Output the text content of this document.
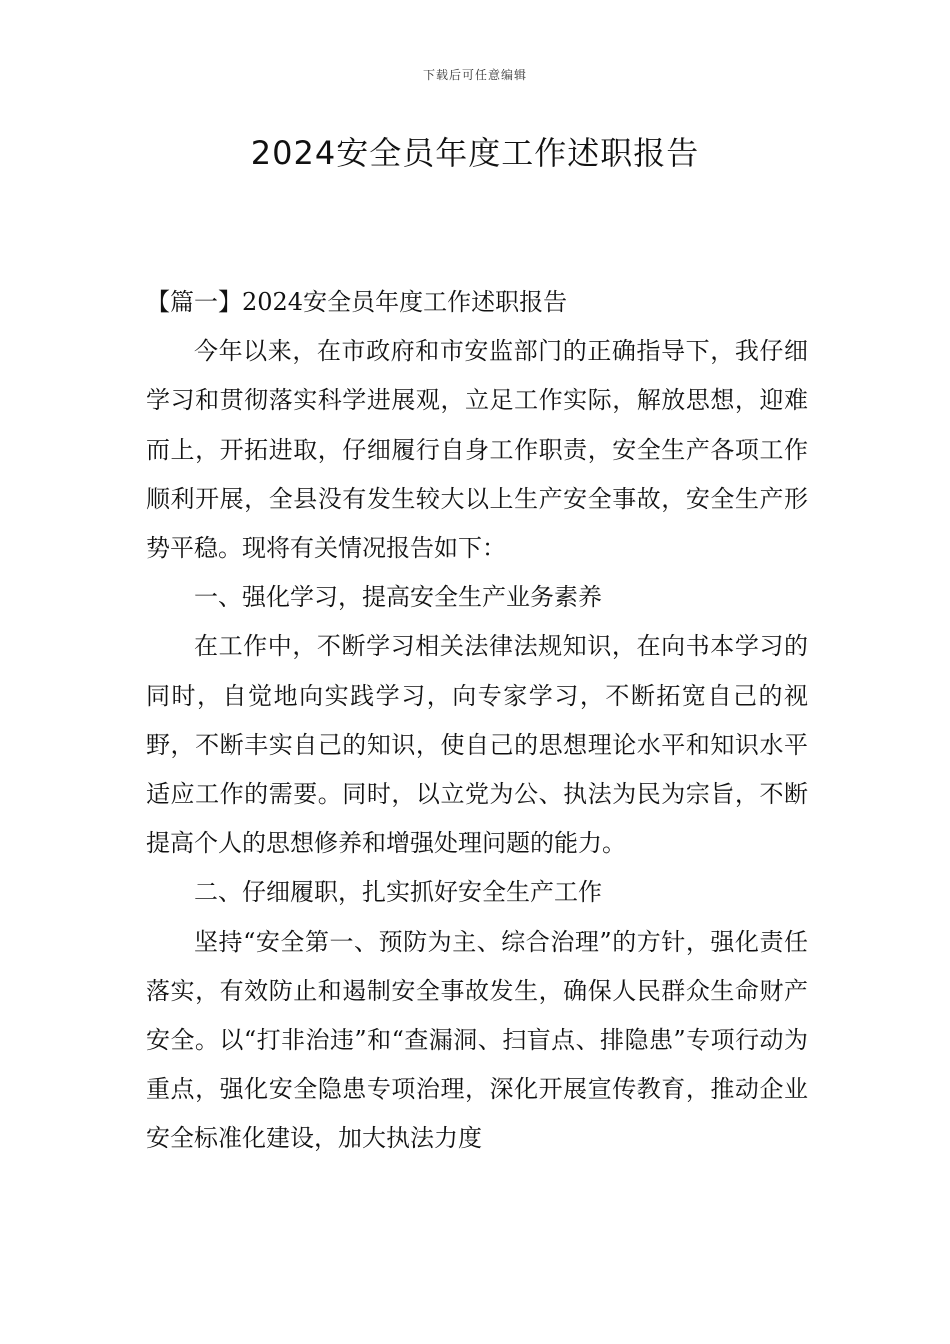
下载后可任意编辑
2024安全员年度工作述职报告

【篇一】2024安全员年度工作述职报告

今年以来，在市政府和市安监部门的正确指导下，我仔细学习和贯彻落实科学进展观，立足工作实际，解放思想，迎难而上，开拓进取，仔细履行自身工作职责，安全生产各项工作顺利开展，全县没有发生较大以上生产安全事故，安全生产形势平稳。现将有关情况报告如下：

一、强化学习，提高安全生产业务素养

在工作中，不断学习相关法律法规知识，在向书本学习的同时，自觉地向实践学习，向专家学习，不断拓宽自己的视野，不断丰实自己的知识，使自己的思想理论水平和知识水平适应工作的需要。同时，以立党为公、执法为民为宗旨，不断提高个人的思想修养和增强处理问题的能力。

二、仔细履职，扎实抓好安全生产工作

坚持“安全第一、预防为主、综合治理”的方针，强化责任落实，有效防止和遏制安全事故发生，确保人民群众生命财产安全。以“打非治违”和“查漏洞、扫盲点、排隐患”专项行动为重点，强化安全隐患专项治理，深化开展宣传教育，推动企业安全标准化建设，加大执法力度
